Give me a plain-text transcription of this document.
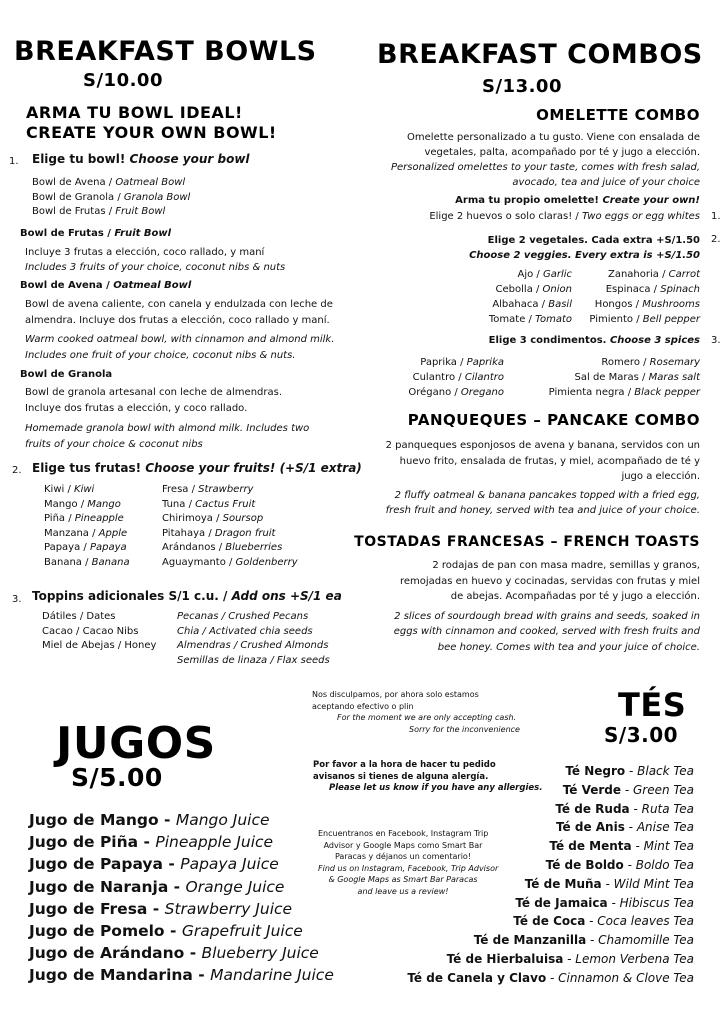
BREAKFAST BOWLS
S/10.00
ARMA TU BOWL IDEAL!
CREATE YOUR OWN BOWL!
1. Elige tu bowl! Choose your bowl
Bowl de Avena / Oatmeal Bowl
Bowl de Granola / Granola Bowl
Bowl de Frutas / Fruit Bowl
Bowl de Frutas / Fruit Bowl
Incluye 3 frutas a elección, coco rallado, y maní
Includes 3 fruits of your choice, coconut nibs & nuts
Bowl de Avena / Oatmeal Bowl
Bowl de avena caliente, con canela y endulzada con leche de
almendra. Incluye dos frutas a elección, coco rallado y maní.
Warm cooked oatmeal bowl, with cinnamon and almond milk.
Includes one fruit of your choice, coconut nibs & nuts.
Bowl de Granola
Bowl de granola artesanal con leche de almendras.
Incluye dos frutas a elección, y coco rallado.
Homemade granola bowl with almond milk. Includes two
fruits of your choice & coconut nibs
2. Elige tus frutas! Choose your fruits! (+S/1 extra)
Kiwi / Kiwi
Mango / Mango
Piña / Pineapple
Manzana / Apple
Papaya / Papaya
Banana / Banana
Fresa / Strawberry
Tuna / Cactus Fruit
Chirimoya / Soursop
Pitahaya / Dragon fruit
Arándanos / Blueberries
Aguaymanto / Goldenberry
3. Toppins adicionales S/1 c.u. / Add ons +S/1 ea
Dátiles / Dates
Cacao / Cacao Nibs
Miel de Abejas / Honey
Pecanas / Crushed Pecans
Chia / Activated chia seeds
Almendras / Crushed Almonds
Semillas de linaza / Flax seeds
BREAKFAST COMBOS
S/13.00
OMELETTE COMBO
Omelette personalizado a tu gusto. Viene con ensalada de
vegetales, palta, acompañado por té y jugo a elección.
Personalized omelettes to your taste, comes with fresh salad,
avocado, tea and juice of your choice
Arma tu propio omelette! Create your own!
Elige 2 huevos o solo claras! / Two eggs or egg whites 1.
Elige 2 vegetales. Cada extra +S/1.50
Choose 2 veggies. Every extra is +S/1.50
2.
Ajo / Garlic
Cebolla / Onion
Albahaca / Basil
Tomate / Tomato
Zanahoria / Carrot
Espinaca / Spinach
Hongos / Mushrooms
Pimiento / Bell pepper
Elige 3 condimentos. Choose 3 spices 3.
Paprika / Paprika
Culantro / Cilantro
Orégano / Oregano
Romero / Rosemary
Sal de Maras / Maras salt
Pimienta negra / Black pepper
PANQUEQUES – PANCAKE COMBO
2 panqueques esponjosos de avena y banana, servidos con un
huevo frito, ensalada de frutas, y miel, acompañado de té y
jugo a elección.
2 fluffy oatmeal & banana pancakes topped with a fried egg,
fresh fruit and honey, served with tea and juice of your choice.
TOSTADAS FRANCESAS – FRENCH TOASTS
2 rodajas de pan con masa madre, semillas y granos,
remojadas en huevo y cocinadas, servidas con frutas y miel
de abejas. Acompañadas por té y jugo a elección.
2 slices of sourdough bread with grains and seeds, soaked in
eggs with cinnamon and cooked, served with fresh fruits and
bee honey. Comes with tea and your juice of choice.
Nos disculpamos, por ahora solo estamos
aceptando efectivo o plin
For the moment we are only accepting cash.
Sorry for the inconvenience
Por favor a la hora de hacer tu pedido
avisanos si tienes de alguna alergía.
Please let us know if you have any allergies.
Encuentranos en Facebook, Instagram Trip
Advisor y Google Maps como Smart Bar
Paracas y déjanos un comentario!
Find us on Instagram, Facebook, Trip Advisor
& Google Maps as Smart Bar Paracas
and leave us a review!
JUGOS
S/5.00
Jugo de Mango - Mango Juice
Jugo de Piña - Pineapple Juice
Jugo de Papaya - Papaya Juice
Jugo de Naranja - Orange Juice
Jugo de Fresa - Strawberry Juice
Jugo de Pomelo - Grapefruit Juice
Jugo de Arándano - Blueberry Juice
Jugo de Mandarina - Mandarine Juice
TÉS
S/3.00
Té Negro - Black Tea
Té Verde - Green Tea
Té de Ruda - Ruta Tea
Té de Anis - Anise Tea
Té de Menta - Mint Tea
Té de Boldo - Boldo Tea
Té de Muña - Wild Mint Tea
Té de Jamaica - Hibiscus Tea
Té de Coca - Coca leaves Tea
Té de Manzanilla - Chamomille Tea
Té de Hierbaluisa - Lemon Verbena Tea
Té de Canela y Clavo - Cinnamon & Clove Tea
